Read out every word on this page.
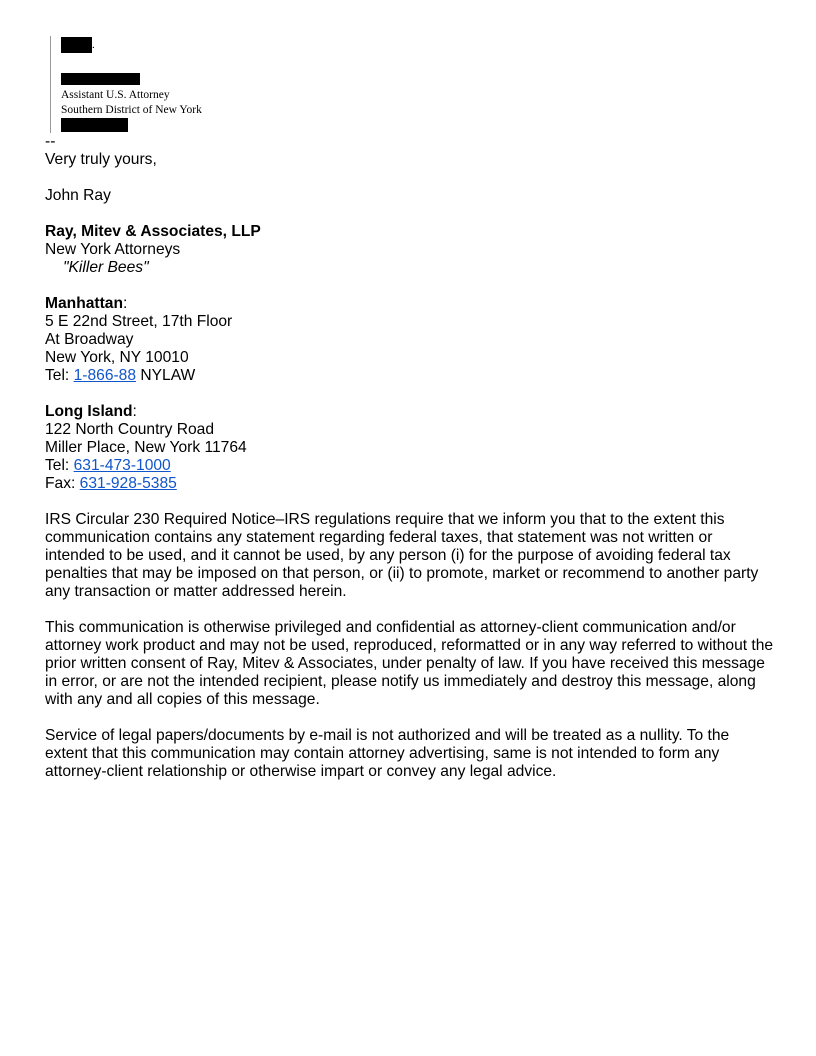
.
Assistant U.S. Attorney
Southern District of New York
--
Very truly yours,
John Ray
Ray, Mitev & Associates, LLP
New York Attorneys
"Killer Bees"
Manhattan:
5 E 22nd Street, 17th Floor
At Broadway
New York, NY 10010
Tel: 1-866-88 NYLAW
Long Island:
122 North Country Road
Miller Place, New York 11764
Tel: 631-473-1000
Fax: 631-928-5385

IRS Circular 230 Required Notice–IRS regulations require that we inform you that to the extent this communication contains any statement regarding federal taxes, that statement was not written or intended to be used, and it cannot be used, by any person (i) for the purpose of avoiding federal tax penalties that may be imposed on that person, or (ii) to promote, market or recommend to another party any transaction or matter addressed herein.

This communication is otherwise privileged and confidential as attorney-client communication and/or attorney work product and may not be used, reproduced, reformatted or in any way referred to without the prior written consent of Ray, Mitev & Associates, under penalty of law. If you have received this message in error, or are not the intended recipient, please notify us immediately and destroy this message, along with any and all copies of this message.

Service of legal papers/documents by e-mail is not authorized and will be treated as a nullity. To the extent that this communication may contain attorney advertising, same is not intended to form any attorney-client relationship or otherwise impart or convey any legal advice.
